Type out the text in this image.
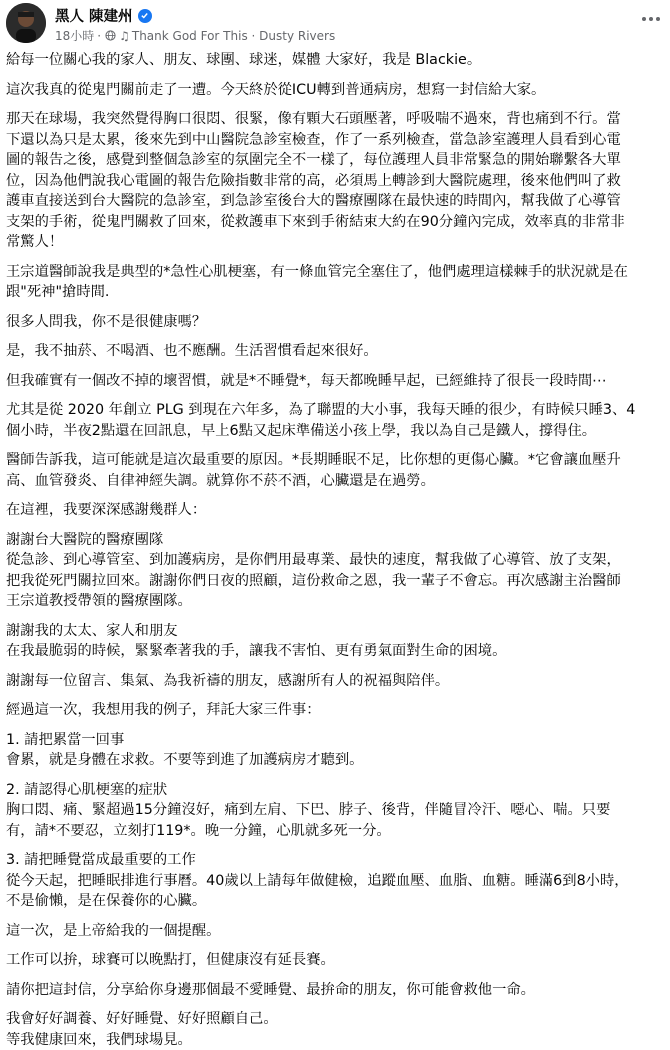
黑人 陳建州
18小時 · ♫ Thank God For This · Dusty Rivers

給每一位關心我的家人、朋友、球團、球迷，媒體 大家好，我是 Blackie。

這次我真的從鬼門關前走了一遭。今天終於從ICU轉到普通病房，想寫一封信給大家。

那天在球場，我突然覺得胸口很悶、很緊，像有顆大石頭壓著，呼吸喘不過來，背也痛到不行。當

下還以為只是太累，後來先到中山醫院急診室檢查，作了一系列檢查，當急診室護理人員看到心電

圖的報告之後，感覺到整個急診室的氛圍完全不一樣了，每位護理人員非常緊急的開始聯繫各大單

位，因為他們說我心電圖的報告危險指數非常的高，必須馬上轉診到大醫院處理，後來他們叫了救

護車直接送到台大醫院的急診室，到急診室後台大的醫療團隊在最快速的時間內，幫我做了心導管

支架的手術，從鬼門關救了回來，從救護車下來到手術結束大約在90分鐘內完成，效率真的非常非

常驚人！

王宗道醫師說我是典型的*急性心肌梗塞，有一條血管完全塞住了，他們處理這樣棘手的狀況就是在

跟"死神"搶時間.

很多人問我，你不是很健康嗎？

是，我不抽菸、不喝酒、也不應酬。生活習慣看起來很好。

但我確實有一個改不掉的壞習慣，就是*不睡覺*，每天都晚睡早起，已經維持了很長一段時間⋯

尤其是從 2020 年創立 PLG 到現在六年多，為了聯盟的大小事，我每天睡的很少，有時候只睡3、4

個小時，半夜2點還在回訊息，早上6點又起床準備送小孩上學，我以為自己是鐵人，撐得住。

醫師告訴我，這可能就是這次最重要的原因。*長期睡眠不足，比你想的更傷心臟。*它會讓血壓升

高、血管發炎、自律神經失調。就算你不菸不酒，心臟還是在過勞。

在這裡，我要深深感謝幾群人：

謝謝台大醫院的醫療團隊

從急診、到心導管室、到加護病房，是你們用最專業、最快的速度，幫我做了心導管、放了支架，

把我從死門關拉回來。謝謝你們日夜的照顧，這份救命之恩，我一輩子不會忘。再次感謝主治醫師

王宗道教授帶領的醫療團隊。

謝謝我的太太、家人和朋友

在我最脆弱的時候，緊緊牽著我的手，讓我不害怕、更有勇氣面對生命的困境。

謝謝每一位留言、集氣、為我祈禱的朋友，感謝所有人的祝福與陪伴。

經過這一次，我想用我的例子，拜託大家三件事：

1. 請把累當一回事

會累，就是身體在求救。不要等到進了加護病房才聽到。

2. 請認得心肌梗塞的症狀

胸口悶、痛、緊超過15分鐘沒好，痛到左肩、下巴、脖子、後背，伴隨冒冷汗、噁心、喘。只要

有，請*不要忍，立刻打119*。晚一分鐘，心肌就多死一分。

3. 請把睡覺當成最重要的工作

從今天起，把睡眠排進行事曆。40歲以上請每年做健檢，追蹤血壓、血脂、血糖。睡滿6到8小時，

不是偷懶，是在保養你的心臟。

這一次，是上帝給我的一個提醒。

工作可以拚，球賽可以晚點打，但健康沒有延長賽。

請你把這封信，分享給你身邊那個最不愛睡覺、最拚命的朋友，你可能會救他一命。

我會好好調養、好好睡覺、好好照顧自己。

等我健康回來，我們球場見。
